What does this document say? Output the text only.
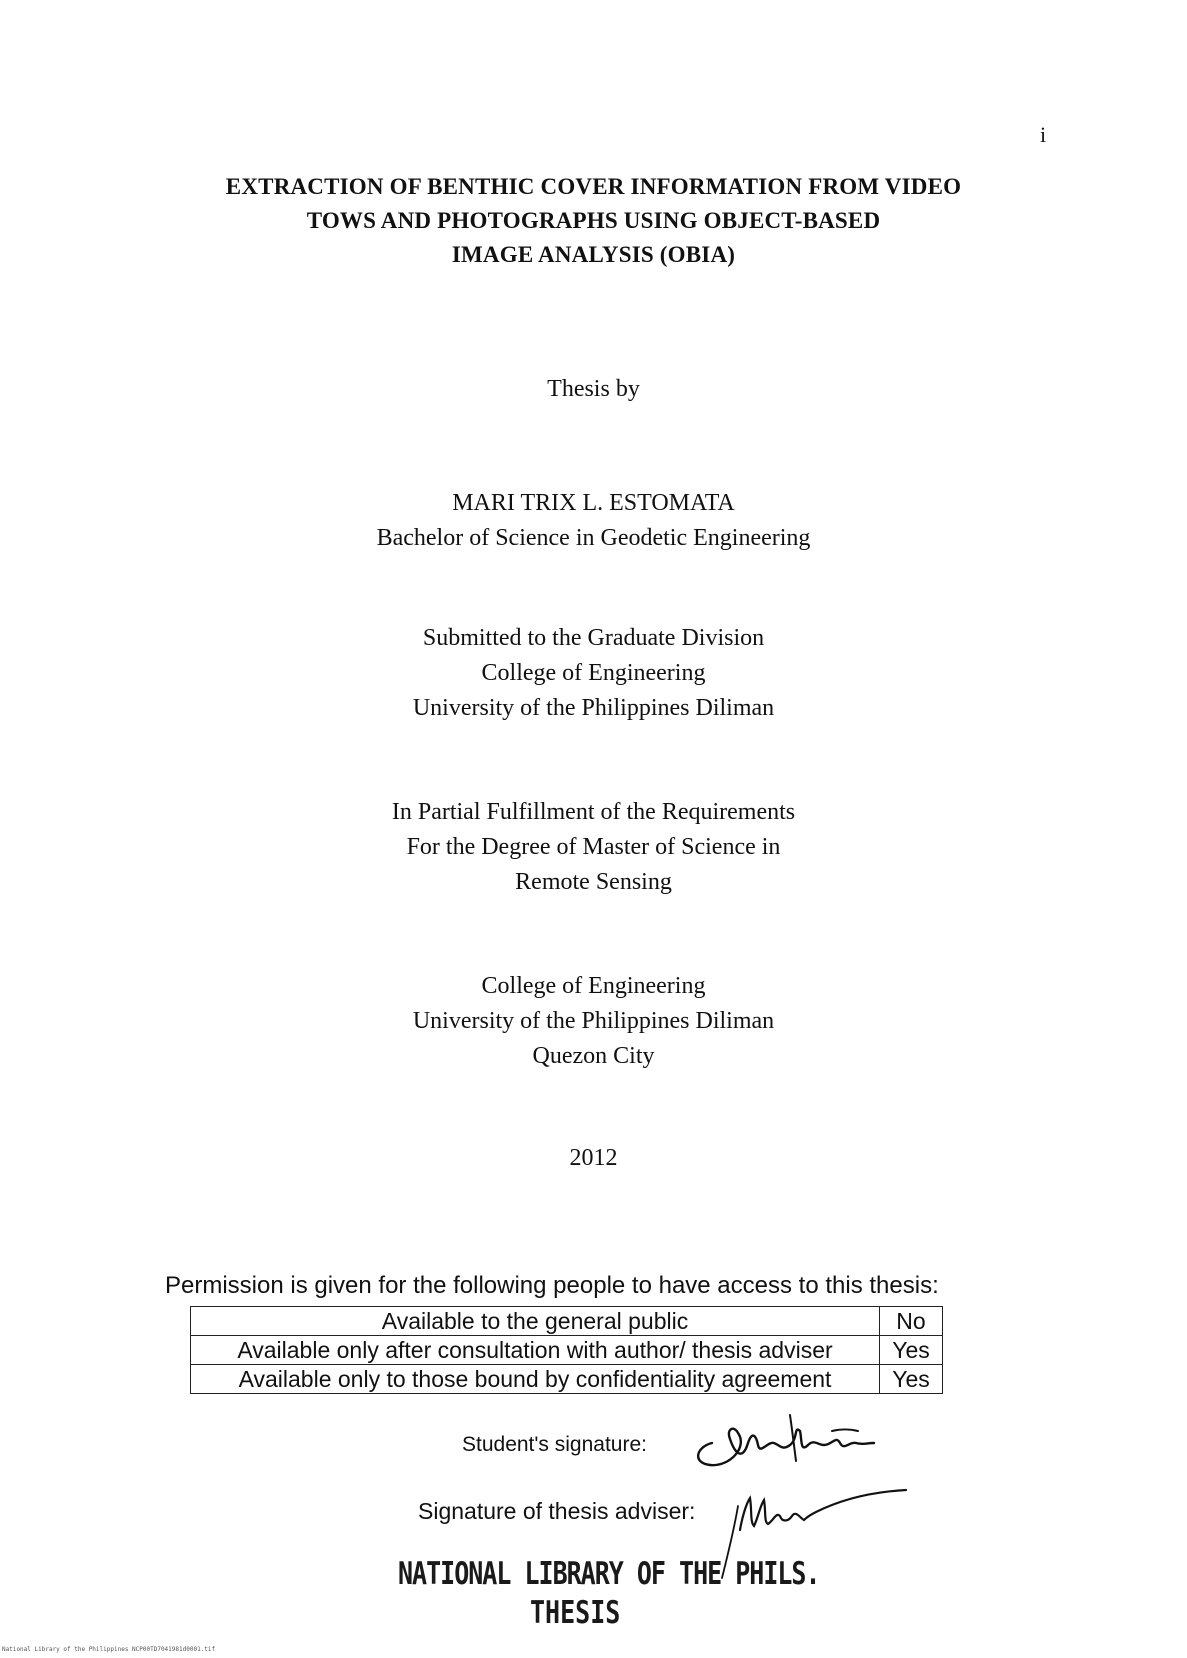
i
EXTRACTION OF BENTHIC COVER INFORMATION FROM VIDEO
TOWS AND PHOTOGRAPHS USING OBJECT-BASED
IMAGE ANALYSIS (OBIA)
Thesis by
MARI TRIX L. ESTOMATA
Bachelor of Science in Geodetic Engineering
Submitted to the Graduate Division
College of Engineering
University of the Philippines Diliman
In Partial Fulfillment of the Requirements
For the Degree of Master of Science in
Remote Sensing
College of Engineering
University of the Philippines Diliman
Quezon City
2012
Permission is given for the following people to have access to this thesis:
Available to the general public	No
Available only after consultation with author/ thesis adviser	Yes
Available only to those bound by confidentiality agreement	Yes
Student's signature:
Signature of thesis adviser:
NATIONAL LIBRARY OF THE PHILS.
THESIS
National Library of the Philippines NCP00TD7041981d0001.tif
